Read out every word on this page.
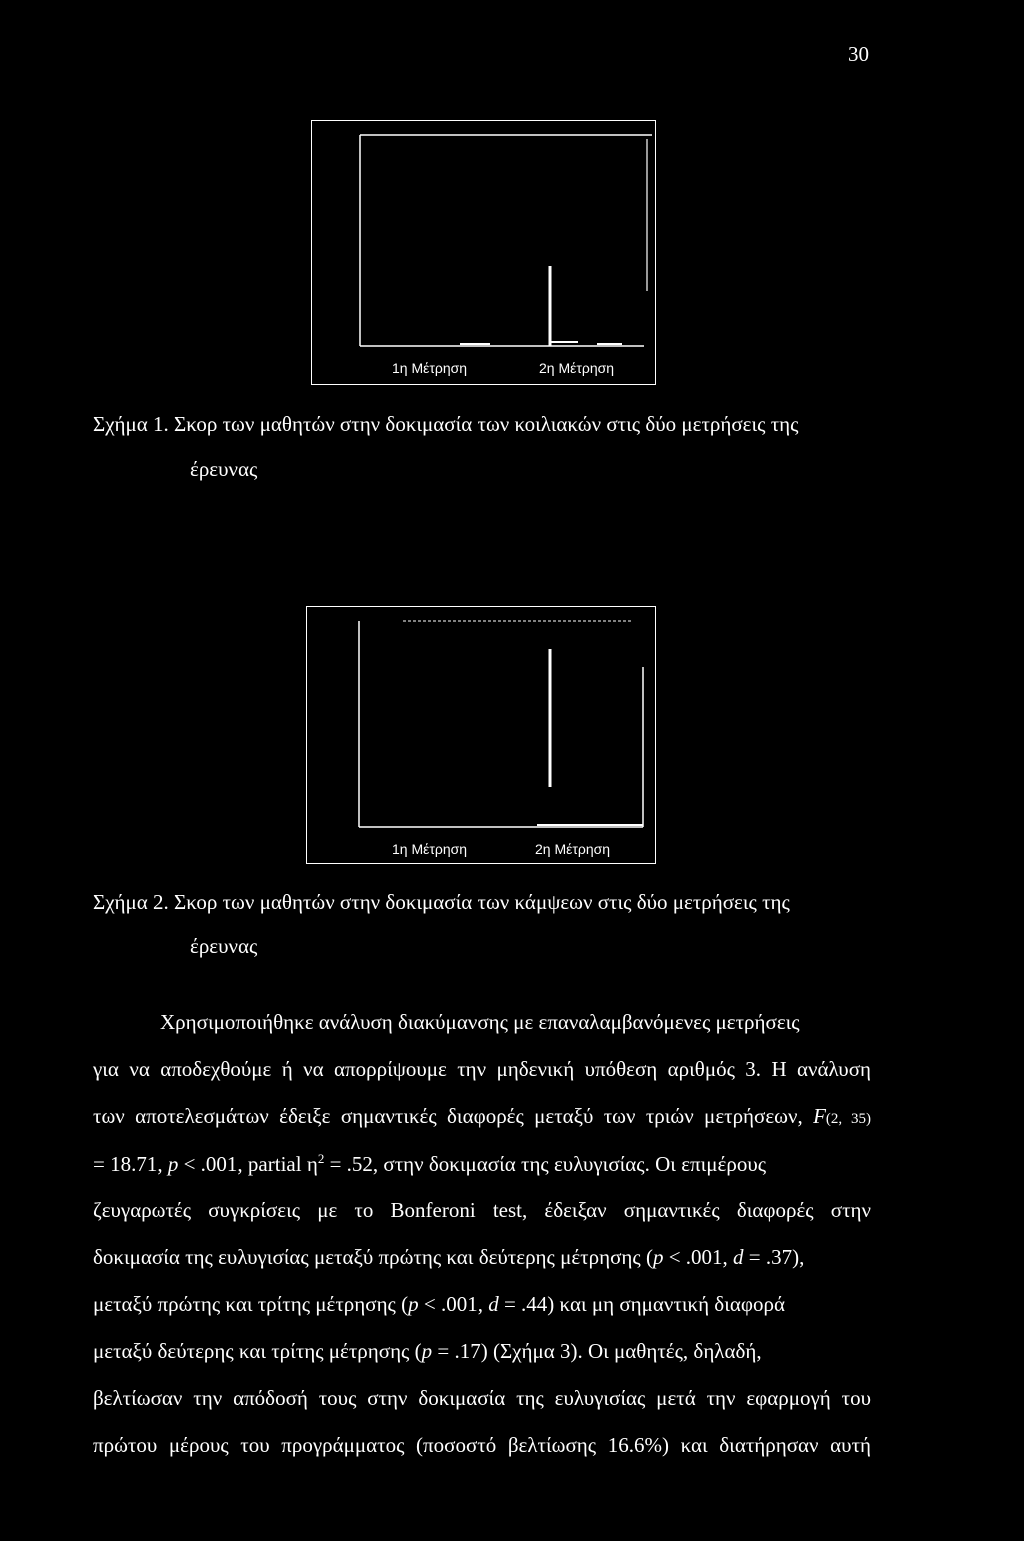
30
1η Μέτρηση	2η Μέτρηση
Σχήμα 1. Σκορ των μαθητών στην δοκιμασία των κοιλιακών στις δύο μετρήσεις της
έρευνας
1η Μέτρηση	2η Μέτρηση
Σχήμα 2. Σκορ των μαθητών στην δοκιμασία των κάμψεων στις δύο μετρήσεις της
έρευνας
Χρησιμοποιήθηκε ανάλυση διακύμανσης με επαναλαμβανόμενες μετρήσεις
για να αποδεχθούμε ή να απορρίψουμε την μηδενική υπόθεση αριθμός 3. Η ανάλυση
των αποτελεσμάτων έδειξε σημαντικές διαφορές μεταξύ των τριών μετρήσεων, F(2, 35)
= 18.71, p < .001, partial $\eta^2 = .52$, στην δοκιμασία της ευλυγισίας. Οι επιμέρους
ζευγαρωτές συγκρίσεις με το Bonferoni test, έδειξαν σημαντικές διαφορές στην
δοκιμασία της ευλυγισίας μεταξύ πρώτης και δεύτερης μέτρησης (p < .001, d = .37),
μεταξύ πρώτης και τρίτης μέτρησης (p < .001, d = .44) και μη σημαντική διαφορά
μεταξύ δεύτερης και τρίτης μέτρησης (p = .17) (Σχήμα 3). Οι μαθητές, δηλαδή,
βελτίωσαν την απόδοσή τους στην δοκιμασία της ευλυγισίας μετά την εφαρμογή του
πρώτου μέρους του προγράμματος (ποσοστό βελτίωσης 16.6%) και διατήρησαν αυτή
